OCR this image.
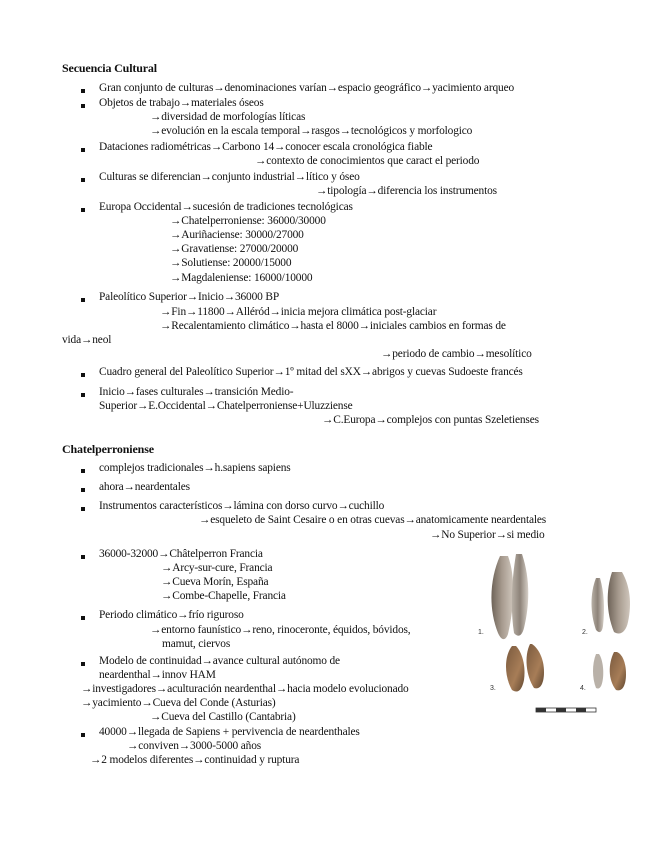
Secuencia Cultural
Gran conjunto de culturas→denominaciones varían→espacio geográfico→yacimiento arqueo
Objetos de trabajo→materiales óseos
→diversidad de morfologías líticas
→evolución en la escala temporal→rasgos→tecnológicos y morfologico
Dataciones radiométricas→Carbono 14→conocer escala cronológica fiable
→contexto de conocimientos que caract el periodo
Culturas se diferencian→conjunto industrial→lítico y óseo
→tipología→diferencia los instrumentos
Europa Occidental→sucesión de tradiciones tecnológicas
→Chatelperroniense: 36000/30000
→Auriñaciense: 30000/27000
→Gravatiense: 27000/20000
→Solutiense: 20000/15000
→Magdaleniense: 16000/10000
Paleolítico Superior→Inicio→36000 BP
→Fin→11800→Alléród→inicia mejora climática post-glaciar
→Recalentamiento climático→hasta el 8000→iniciales cambios en formas de
vida→neol
→periodo de cambio→mesolítico
Cuadro general del Paleolítico Superior→1º mitad del sXX→abrigos y cuevas Sudoeste francés
Inicio→fases culturales→transición Medio-
Superior→E.Occidental→Chatelperroniense+Uluzziense
→C.Europa→complejos con puntas Szeletienses
Chatelperroniense
complejos tradicionales→h.sapiens sapiens
ahora→neardentales
Instrumentos característicos→lámina con dorso curvo→cuchillo
→esqueleto de Saint Cesaire o en otras cuevas→anatomicamente neardentales
→No Superior→si medio
36000-32000→Châtelperron Francia
→Arcy-sur-cure, Francia
→Cueva Morín, España
→Combe-Chapelle, Francia
Periodo climático→frío riguroso
→entorno faunístico→reno, rinoceronte, équidos, bóvidos,
mamut, ciervos
Modelo de continuidad→avance cultural autónomo de
neardenthal→innov HAM
→investigadores→aculturación neardenthal→hacia modelo evolucionado
→yacimiento→Cueva del Conde (Asturias)
→Cueva del Castillo (Cantabria)
40000→llegada de Sapiens + pervivencia de neardenthales
→conviven→3000-5000 años
→2 modelos diferentes→continuidad y ruptura
1.	2.
3.	4.
